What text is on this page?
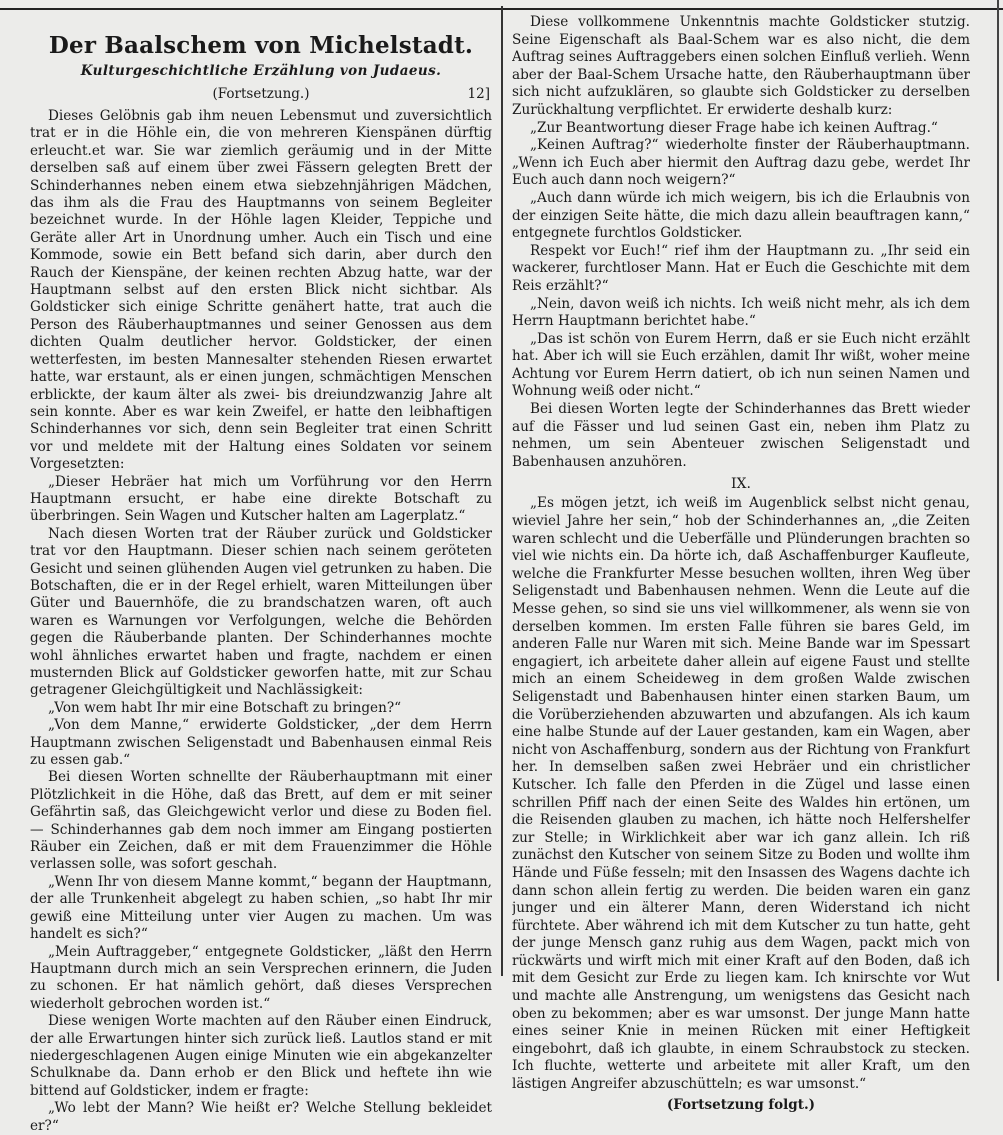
Der Baalschem von Michelstadt.
Kulturgeschichtliche Erzählung von Judaeus.
(Fortsetzung.)	12]

Dieses Gelöbnis gab ihm neuen Lebensmut und zuversichtlich trat er in die Höhle ein, die von mehreren Kienspänen dürftig erleucht.et war. Sie war ziemlich geräumig und in der Mitte derselben saß auf einem über zwei Fässern gelegten Brett der Schinderhannes neben einem etwa siebzehnjährigen Mädchen, das ihm als die Frau des Hauptmanns von seinem Begleiter bezeichnet wurde. In der Höhle lagen Kleider, Teppiche und Geräte aller Art in Unordnung umher. Auch ein Tisch und eine Kommode, sowie ein Bett befand sich darin, aber durch den Rauch der Kienspäne, der keinen rechten Abzug hatte, war der Hauptmann selbst auf den ersten Blick nicht sichtbar. Als Goldsticker sich einige Schritte genähert hatte, trat auch die Person des Räuberhauptmannes und seiner Genossen aus dem dichten Qualm deutlicher hervor. Goldsticker, der einen wetterfesten, im besten Mannesalter stehenden Riesen erwartet hatte, war erstaunt, als er einen jungen, schmächtigen Menschen erblickte, der kaum älter als zwei- bis dreiundzwanzig Jahre alt sein konnte. Aber es war kein Zweifel, er hatte den leibhaftigen Schinderhannes vor sich, denn sein Begleiter trat einen Schritt vor und meldete mit der Haltung eines Soldaten vor seinem Vorgesetzten:

„Dieser Hebräer hat mich um Vorführung vor den Herrn Hauptmann ersucht, er habe eine direkte Botschaft zu überbringen. Sein Wagen und Kutscher halten am Lagerplatz.“

Nach diesen Worten trat der Räuber zurück und Goldsticker trat vor den Hauptmann. Dieser schien nach seinem geröteten Gesicht und seinen glühenden Augen viel getrunken zu haben. Die Botschaften, die er in der Regel erhielt, waren Mitteilungen über Güter und Bauernhöfe, die zu brandschatzen waren, oft auch waren es Warnungen vor Verfolgungen, welche die Behörden gegen die Räuberbande planten. Der Schinderhannes mochte wohl ähnliches erwartet haben und fragte, nachdem er einen musternden Blick auf Goldsticker geworfen hatte, mit zur Schau getragener Gleichgültigkeit und Nachlässigkeit:

„Von wem habt Ihr mir eine Botschaft zu bringen?“

„Von dem Manne,“ erwiderte Goldsticker, „der dem Herrn Hauptmann zwischen Seligenstadt und Babenhausen einmal Reis zu essen gab.“

Bei diesen Worten schnellte der Räuberhauptmann mit einer Plötzlichkeit in die Höhe, daß das Brett, auf dem er mit seiner Gefährtin saß, das Gleichgewicht verlor und diese zu Boden fiel. — Schinderhannes gab dem noch immer am Eingang postierten Räuber ein Zeichen, daß er mit dem Frauenzimmer die Höhle verlassen solle, was sofort geschah.

„Wenn Ihr von diesem Manne kommt,“ begann der Hauptmann, der alle Trunkenheit abgelegt zu haben schien, „so habt Ihr mir gewiß eine Mitteilung unter vier Augen zu machen. Um was handelt es sich?“

„Mein Auftraggeber,“ entgegnete Goldsticker, „läßt den Herrn Hauptmann durch mich an sein Versprechen erinnern, die Juden zu schonen. Er hat nämlich gehört, daß dieses Versprechen wiederholt gebrochen worden ist.“

Diese wenigen Worte machten auf den Räuber einen Eindruck, der alle Erwartungen hinter sich zurück ließ. Lautlos stand er mit niedergeschlagenen Augen einige Minuten wie ein abgekanzelter Schulknabe da. Dann erhob er den Blick und heftete ihn wie bittend auf Goldsticker, indem er fragte:

„Wo lebt der Mann? Wie heißt er? Welche Stellung bekleidet er?“

Diese vollkommene Unkenntnis machte Goldsticker stutzig. Seine Eigenschaft als Baal-Schem war es also nicht, die dem Auftrag seines Auftraggebers einen solchen Einfluß verlieh. Wenn aber der Baal-Schem Ursache hatte, den Räuberhauptmann über sich nicht aufzuklären, so glaubte sich Goldsticker zu derselben Zurückhaltung verpflichtet. Er erwiderte deshalb kurz:

„Zur Beantwortung dieser Frage habe ich keinen Auftrag.“

„Keinen Auftrag?“ wiederholte finster der Räuberhauptmann. „Wenn ich Euch aber hiermit den Auftrag dazu gebe, werdet Ihr Euch auch dann noch weigern?“

„Auch dann würde ich mich weigern, bis ich die Erlaubnis von der einzigen Seite hätte, die mich dazu allein beauftragen kann,“ entgegnete furchtlos Goldsticker.

Respekt vor Euch!“ rief ihm der Hauptmann zu. „Ihr seid ein wackerer, furchtloser Mann. Hat er Euch die Geschichte mit dem Reis erzählt?“

„Nein, davon weiß ich nichts. Ich weiß nicht mehr, als ich dem Herrn Hauptmann berichtet habe.“

„Das ist schön von Eurem Herrn, daß er sie Euch nicht erzählt hat. Aber ich will sie Euch erzählen, damit Ihr wißt, woher meine Achtung vor Eurem Herrn datiert, ob ich nun seinen Namen und Wohnung weiß oder nicht.“

Bei diesen Worten legte der Schinderhannes das Brett wieder auf die Fässer und lud seinen Gast ein, neben ihm Platz zu nehmen, um sein Abenteuer zwischen Seligenstadt und Babenhausen anzuhören.

IX.

„Es mögen jetzt, ich weiß im Augenblick selbst nicht genau, wieviel Jahre her sein,“ hob der Schinderhannes an, „die Zeiten waren schlecht und die Ueberfälle und Plünderungen brachten so viel wie nichts ein. Da hörte ich, daß Aschaffenburger Kaufleute, welche die Frankfurter Messe besuchen wollten, ihren Weg über Seligenstadt und Babenhausen nehmen. Wenn die Leute auf die Messe gehen, so sind sie uns viel willkommener, als wenn sie von derselben kommen. Im ersten Falle führen sie bares Geld, im anderen Falle nur Waren mit sich. Meine Bande war im Spessart engagiert, ich arbeitete daher allein auf eigene Faust und stellte mich an einem Scheideweg in dem großen Walde zwischen Seligenstadt und Babenhausen hinter einen starken Baum, um die Vorüberziehenden abzuwarten und abzufangen. Als ich kaum eine halbe Stunde auf der Lauer gestanden, kam ein Wagen, aber nicht von Aschaffenburg, sondern aus der Richtung von Frankfurt her. In demselben saßen zwei Hebräer und ein christlicher Kutscher. Ich falle den Pferden in die Zügel und lasse einen schrillen Pfiff nach der einen Seite des Waldes hin ertönen, um die Reisenden glauben zu machen, ich hätte noch Helfershelfer zur Stelle; in Wirklichkeit aber war ich ganz allein. Ich riß zunächst den Kutscher von seinem Sitze zu Boden und wollte ihm Hände und Füße fesseln; mit den Insassen des Wagens dachte ich dann schon allein fertig zu werden. Die beiden waren ein ganz junger und ein älterer Mann, deren Widerstand ich nicht fürchtete. Aber während ich mit dem Kutscher zu tun hatte, geht der junge Mensch ganz ruhig aus dem Wagen, packt mich von rückwärts und wirft mich mit einer Kraft auf den Boden, daß ich mit dem Gesicht zur Erde zu liegen kam. Ich knirschte vor Wut und machte alle Anstrengung, um wenigstens das Gesicht nach oben zu bekommen; aber es war umsonst. Der junge Mann hatte eines seiner Knie in meinen Rücken mit einer Heftigkeit eingebohrt, daß ich glaubte, in einem Schraubstock zu stecken. Ich fluchte, wetterte und arbeitete mit aller Kraft, um den lästigen Angreifer abzuschütteln; es war umsonst.“

(Fortsetzung folgt.)
